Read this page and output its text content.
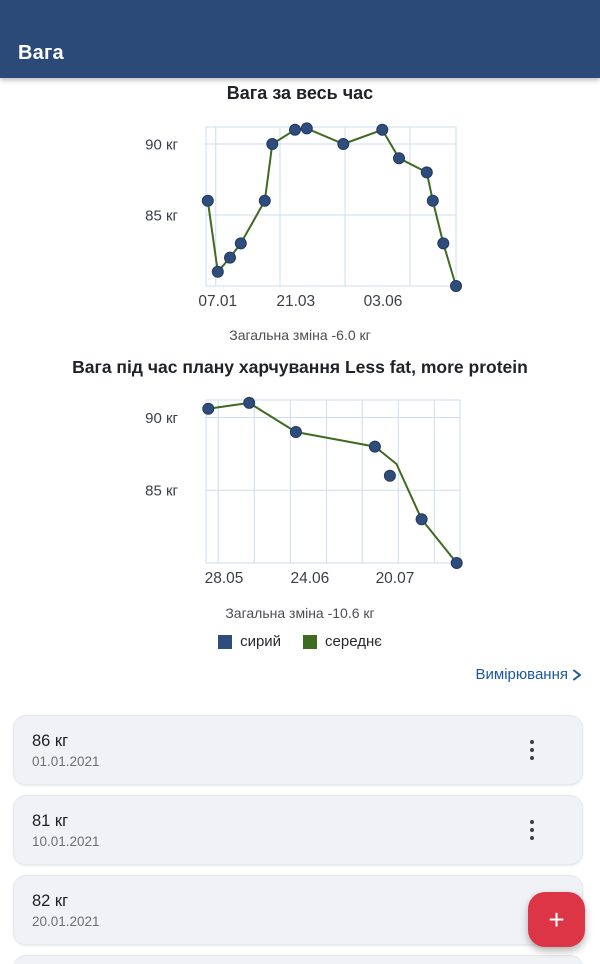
Вага
Вага за весь час
90 кг
85 кг
07.01	21.03	03.06
Загальна зміна -6.0 кг
Вага під час плану харчування Less fat, more protein
90 кг
85 кг
28.05	24.06	20.07
Загальна зміна -10.6 кг
сирий	середнє
Вимірювання
86 кг
01.01.2021
81 кг
10.01.2021
82 кг
20.01.2021	+
